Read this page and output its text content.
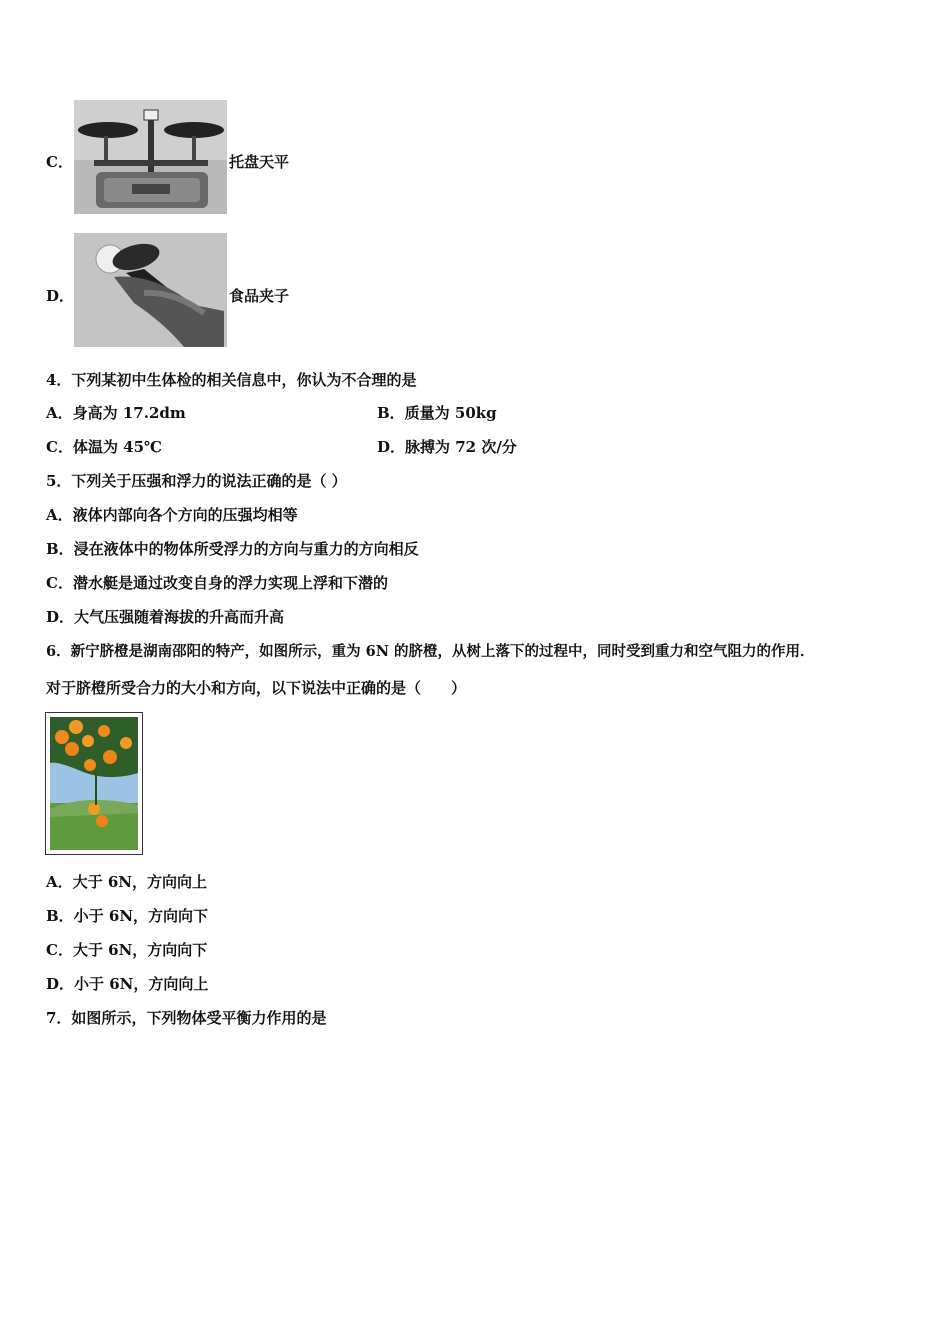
C．	托盘天平
D．	食品夹子
4．下列某初中生体检的相关信息中，你认为不合理的是
A．身高为 17.2dm	B．质量为 50kg
C．体温为 45℃	D．脉搏为 72 次/分
5．下列关于压强和浮力的说法正确的是（ ）
A．液体内部向各个方向的压强均相等
B．浸在液体中的物体所受浮力的方向与重力的方向相反
C．潜水艇是通过改变自身的浮力实现上浮和下潜的
D．大气压强随着海拔的升高而升高
6．新宁脐橙是湖南邵阳的特产，如图所示，重为 6N 的脐橙，从树上落下的过程中，同时受到重力和空气阻力的作用．
对于脐橙所受合力的大小和方向，以下说法中正确的是（　　）
A．大于 6N，方向向上
B．小于 6N，方向向下
C．大于 6N，方向向下
D．小于 6N，方向向上
7．如图所示，下列物体受平衡力作用的是
